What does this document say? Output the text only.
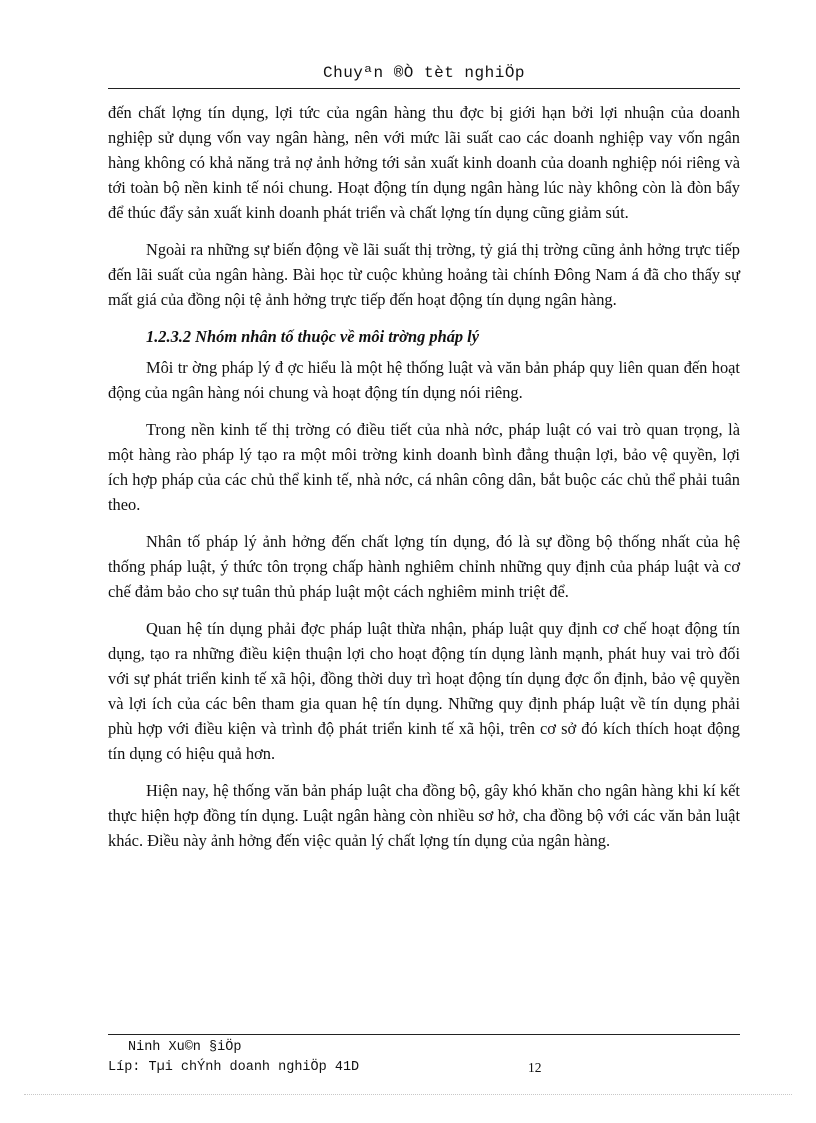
Chuyªn ®Ò tèt nghiÖp

đến chất lợng tín dụng, lợi tức của ngân hàng thu đợc bị giới hạn bởi lợi nhuận của doanh nghiệp sử dụng vốn vay ngân hàng, nên với mức lãi suất cao các doanh nghiệp vay vốn ngân hàng không có khả năng trả nợ ảnh hởng tới sản xuất kinh doanh của doanh nghiệp nói riêng và tới toàn bộ nền kinh tế nói chung. Hoạt động tín dụng ngân hàng lúc này không còn là đòn bẩy để thúc đẩy sản xuất kinh doanh phát triển và chất lợng tín dụng cũng giảm sút.

Ngoài ra những sự biến động về lãi suất thị trờng, tỷ giá thị trờng cũng ảnh hởng trực tiếp đến lãi suất của ngân hàng. Bài học từ cuộc khủng hoảng tài chính Đông Nam á đã cho thấy sự mất giá của đồng nội tệ ảnh hởng trực tiếp đến hoạt động tín dụng ngân hàng.

1.2.3.2 Nhóm nhân tố thuộc về môi trờng pháp lý

Môi tr ờng pháp lý đ ợc hiểu là một hệ thống luật và văn bản pháp quy liên quan đến hoạt động của ngân hàng nói chung và hoạt động tín dụng nói riêng.

Trong nền kinh tế thị trờng có điều tiết của nhà nớc, pháp luật có vai trò quan trọng, là một hàng rào pháp lý tạo ra một môi trờng kinh doanh bình đẳng thuận lợi, bảo vệ quyền, lợi ích hợp pháp của các chủ thể kinh tế, nhà nớc, cá nhân công dân, bắt buộc các chủ thể phải tuân theo.

Nhân tố pháp lý ảnh hởng đến chất lợng tín dụng, đó là sự đồng bộ thống nhất của hệ thống pháp luật, ý thức tôn trọng chấp hành nghiêm chỉnh những quy định của pháp luật và cơ chế đảm bảo cho sự tuân thủ pháp luật một cách nghiêm minh triệt để.

Quan hệ tín dụng phải đợc pháp luật thừa nhận, pháp luật quy định cơ chế hoạt động tín dụng, tạo ra những điều kiện thuận lợi cho hoạt động tín dụng lành mạnh, phát huy vai trò đối với sự phát triển kinh tế xã hội, đồng thời duy trì hoạt động tín dụng đợc ổn định, bảo vệ quyền và lợi ích của các bên tham gia quan hệ tín dụng. Những quy định pháp luật về tín dụng phải phù hợp với điều kiện và trình độ phát triển kinh tế xã hội, trên cơ sở đó kích thích hoạt động tín dụng có hiệu quả hơn.

Hiện nay, hệ thống văn bản pháp luật cha đồng bộ, gây khó khăn cho ngân hàng khi kí kết thực hiện hợp đồng tín dụng. Luật ngân hàng còn nhiều sơ hở, cha đồng bộ với các văn bản luật khác. Điều này ảnh hởng đến việc quản lý chất lợng tín dụng của ngân hàng.

Ninh Xu©n §iÖp
Líp: Tµi chÝnh doanh nghiÖp 41D	12
